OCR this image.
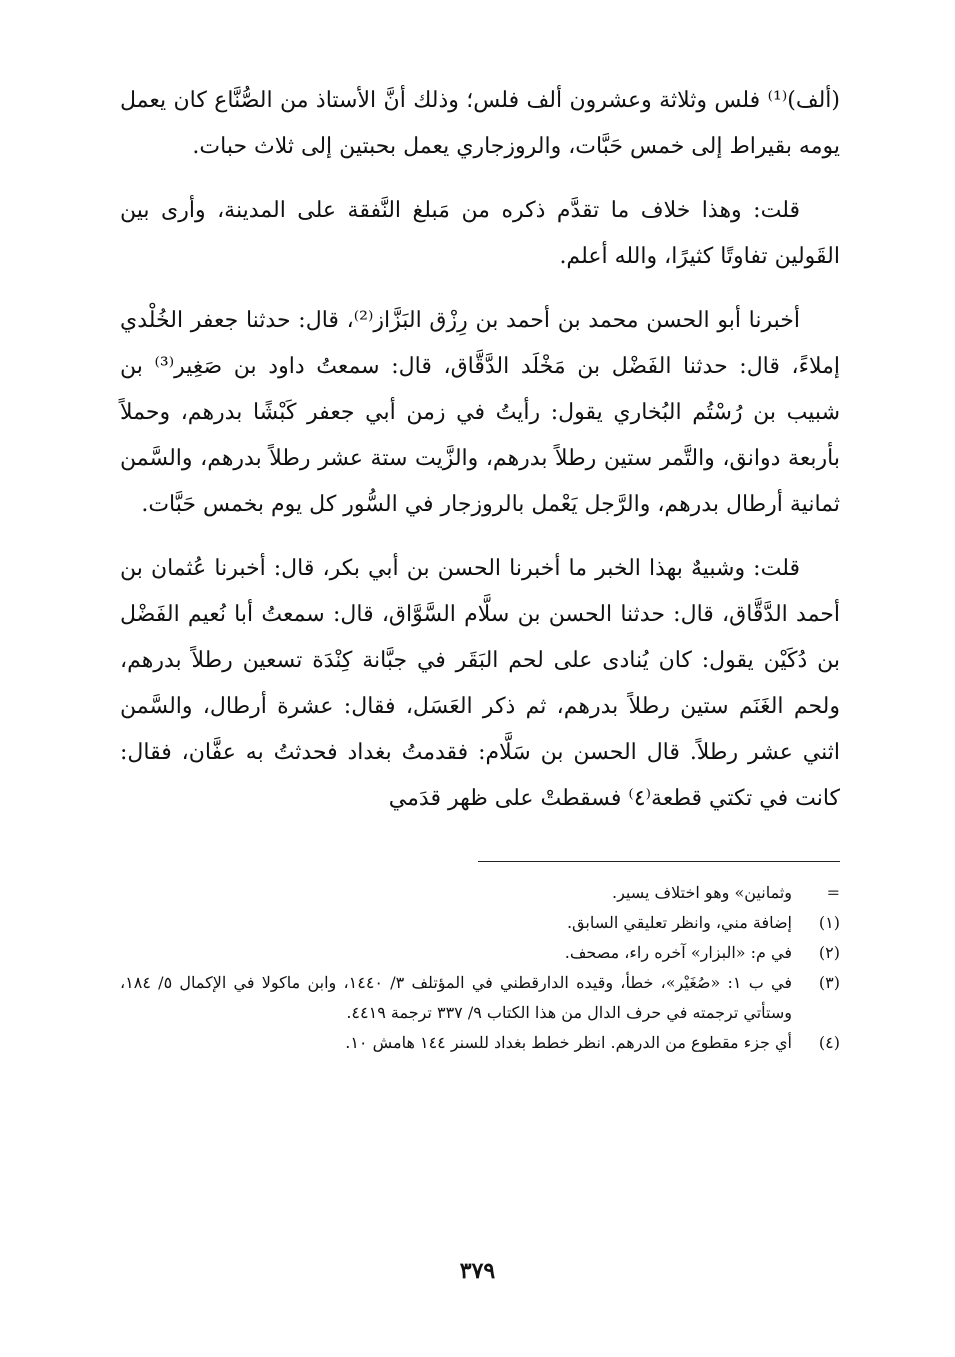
(ألف)⁽¹⁾ فلس وثلاثة وعشرون ألف فلس؛ وذلك أنَّ الأستاذ من الصُّنَّاع كان يعمل يومه بقيراط إلى خمس حَبَّات، والروزجاري يعمل بحبتين إلى ثلاث حبات.

قلت: وهذا خلاف ما تقدَّم ذكره من مَبلغ النَّفقة على المدينة، وأرى بين القَولين تفاوتًا كثيرًا، والله أعلم.

أخبرنا أبو الحسن محمد بن أحمد بن رِزْق البَزَّاز⁽²⁾، قال: حدثنا جعفر الخُلْدي إملاءً، قال: حدثنا الفَضْل بن مَخْلَد الدَّقَّاق، قال: سمعتُ داود بن صَغِير⁽³⁾ بن شبيب بن رُسْتُم البُخاري يقول: رأيتُ في زمن أبي جعفر كَبْشًا بدرهم، وحملاً بأربعة دوانق، والتَّمر ستين رطلاً بدرهم، والزَّيت ستة عشر رطلاً بدرهم، والسَّمن ثمانية أرطال بدرهم، والرَّجل يَعْمل بالروزجار في السُّور كل يوم بخمس حَبَّات.

قلت: وشبيهٌ بهذا الخبر ما أخبرنا الحسن بن أبي بكر، قال: أخبرنا عُثمان بن أحمد الدَّقَّاق، قال: حدثنا الحسن بن سلَّام السَّوَّاق، قال: سمعتُ أبا نُعيم الفَضْل بن دُكَيْن يقول: كان يُنادى على لحم البَقَر في جبَّانة كِنْدَة تسعين رطلاً بدرهم، ولحم الغَنَم ستين رطلاً بدرهم، ثم ذكر العَسَل، فقال: عشرة أرطال، والسَّمن اثني عشر رطلاً. قال الحسن بن سَلَّام: فقدمتُ بغداد فحدثتُ به عفَّان، فقال: كانت في تكتي قطعة⁽٤⁾ فسقطتْ على ظهر قدَمي

=
وثمانين» وهو اختلاف يسير.
(١)
إضافة مني، وانظر تعليقي السابق.
(٢)
في م: «البزار» آخره راء، مصحف.
(٣)
في ب ١: «صُغَيْر»، خطأ، وقيده الدارقطني في المؤتلف ٣/ ١٤٤٠، وابن ماكولا في الإكمال ٥/ ١٨٤، وستأتي ترجمته في حرف الدال من هذا الكتاب ٩/ ٣٣٧ ترجمة ٤٤١٩.
(٤)
أي جزء مقطوع من الدرهم. انظر خطط بغداد للسنر ١٤٤ هامش ١٠.
٣٧٩
